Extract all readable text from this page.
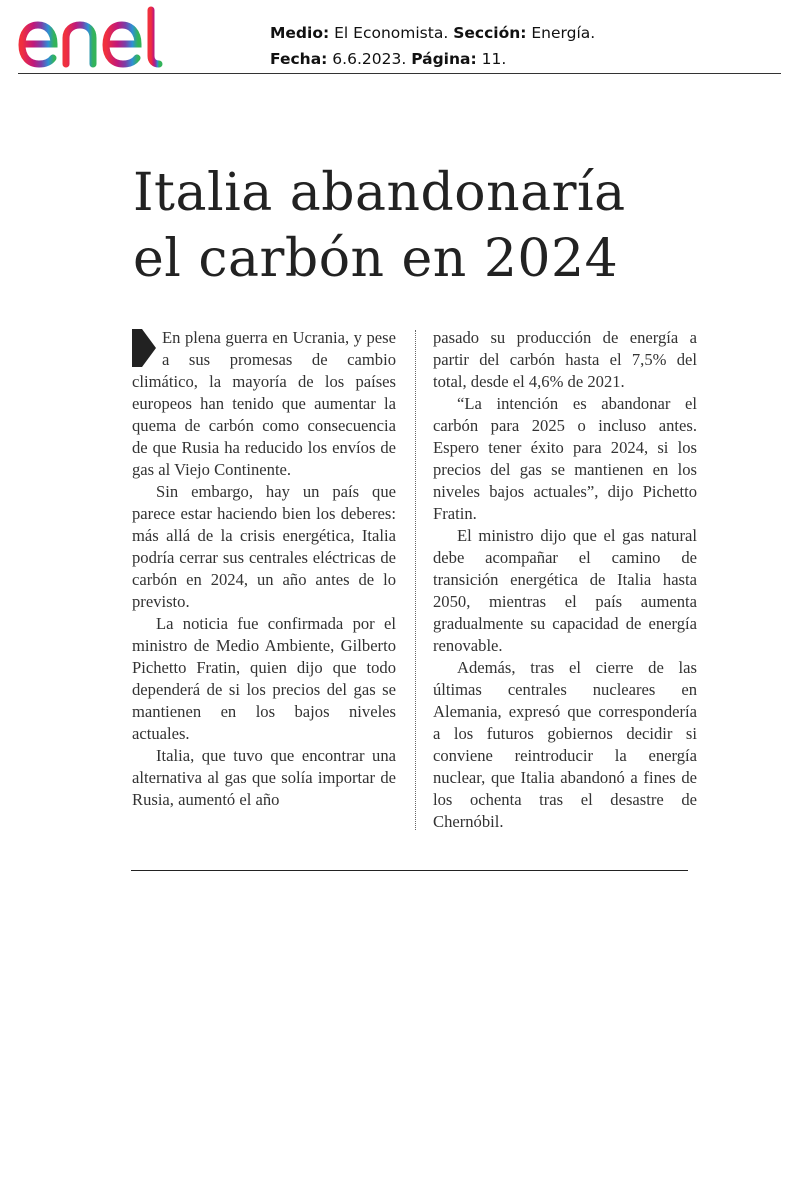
Medio: El Economista. Sección: Energía.
Fecha: 6.6.2023. Página: 11.
Italia abandonaría
el carbón en 2024

En plena guerra en Ucrania, y pese a sus promesas de cambio climático, la mayoría de los países europeos han tenido que aumentar la quema de carbón como consecuencia de que Rusia ha reducido los envíos de gas al Viejo Continente.

Sin embargo, hay un país que parece estar haciendo bien los deberes: más allá de la crisis energética, Italia podría cerrar sus centrales eléctricas de carbón en 2024, un año antes de lo previsto.

La noticia fue confirmada por el ministro de Medio Ambiente, Gilberto Pichetto Fratin, quien dijo que todo dependerá de si los precios del gas se mantienen en los bajos niveles actuales.

Italia, que tuvo que encontrar una alternativa al gas que solía importar de Rusia, aumentó el año

pasado su producción de energía a partir del carbón hasta el 7,5% del total, desde el 4,6% de 2021.

“La intención es abandonar el carbón para 2025 o incluso antes. Espero tener éxito para 2024, si los precios del gas se mantienen en los niveles bajos actuales”, dijo Pichetto Fratin.

El ministro dijo que el gas natural debe acompañar el camino de transición energética de Italia hasta 2050, mientras el país aumenta gradualmente su capacidad de energía renovable.

Además, tras el cierre de las últimas centrales nucleares en Alemania, expresó que correspondería a los futuros gobiernos decidir si conviene reintroducir la energía nuclear, que Italia abandonó a fines de los ochenta tras el desastre de Chernóbil.
